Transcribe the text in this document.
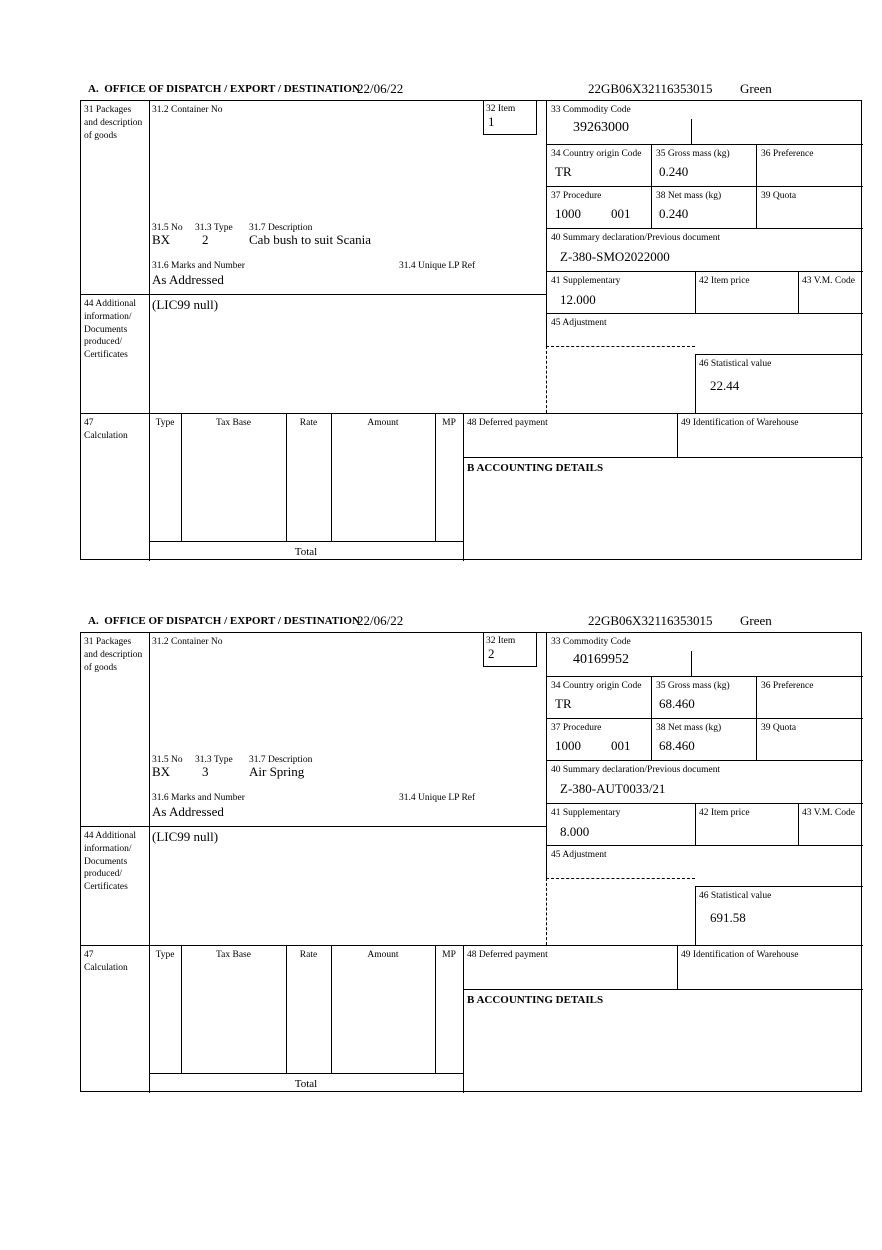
A.  OFFICE OF DISPATCH / EXPORT / DESTINATION
22/06/22	22GB06X32116353015 Green
31 Packages and description of goods
44 Additional information/ Documents produced/ Certificates
47 Calculation
31.2 Container No	32 Item
1
31.5 No 31.3 Type 31.7 Description
BX 2	Cab bush to suit Scania
31.6 Marks and Number	31.4 Unique LP Ref
As Addressed
(LIC99 null)
33 Commodity Code
39263000
34 Country origin Code
TR
35 Gross mass (kg)
0.240
36 Preference
37 Procedure
1000 001
38 Net mass (kg)
0.240
39 Quota
40 Summary declaration/Previous document
Z-380-SMO2022000
41 Supplementary
12.000
42 Item price	43 V.M. Code
45 Adjustment
46 Statistical value
22.44
Type	Tax Base	Rate	Amount	MP	48 Deferred payment	49 Identification of Warehouse
B ACCOUNTING DETAILS
Total
A.  OFFICE OF DISPATCH / EXPORT / DESTINATION
22/06/22	22GB06X32116353015 Green
31 Packages and description of goods
44 Additional information/ Documents produced/ Certificates
47 Calculation
31.2 Container No	32 Item
2
31.5 No 31.3 Type 31.7 Description
BX 3	Air Spring
31.6 Marks and Number	31.4 Unique LP Ref
As Addressed
(LIC99 null)
33 Commodity Code
40169952
34 Country origin Code
TR
35 Gross mass (kg)
68.460
36 Preference
37 Procedure
1000 001
38 Net mass (kg)
68.460
39 Quota
40 Summary declaration/Previous document
Z-380-AUT0033/21
41 Supplementary
8.000
42 Item price	43 V.M. Code
45 Adjustment
46 Statistical value
691.58
Type	Tax Base	Rate	Amount	MP	48 Deferred payment	49 Identification of Warehouse
B ACCOUNTING DETAILS
Total
